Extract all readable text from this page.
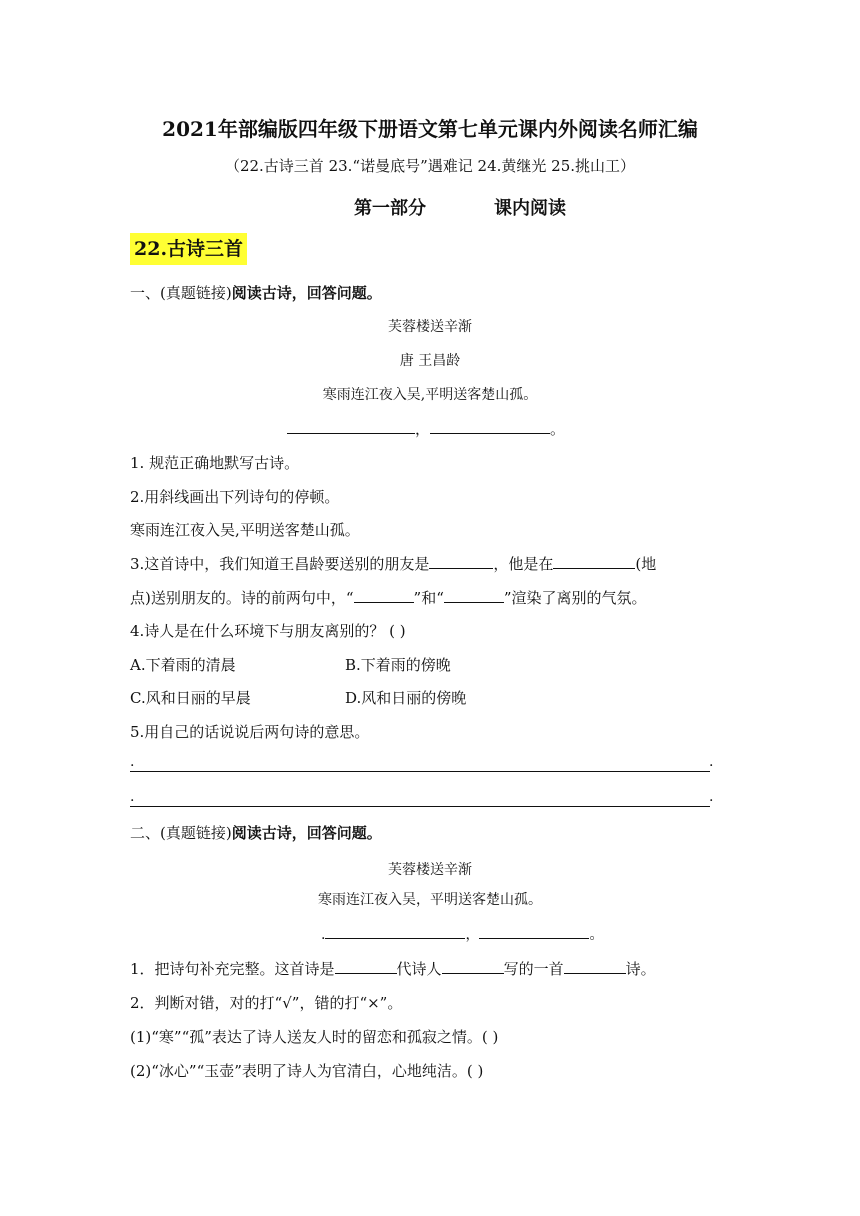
2021年部编版四年级下册语文第七单元课内外阅读名师汇编
（22.古诗三首 23.“诺曼底号”遇难记 24.黄继光 25.挑山工）
第一部分	课内阅读
22.古诗三首
一、(真题链接)阅读古诗，回答问题。
芙蓉楼送辛渐
唐 王昌龄
寒雨连江夜入吴,平明送客楚山孤。
，	。
1. 规范正确地默写古诗。
2.用斜线画出下列诗句的停顿。
寒雨连江夜入吴,平明送客楚山孤。
3.这首诗中，我们知道王昌龄要送别的朋友是	，他是在	(地
点)送别朋友的。诗的前两句中，“	”和“	”渲染了离别的气氛。
4.诗人是在什么环境下与朋友离别的？ ( )
A.下着雨的清晨	B.下着雨的傍晚
C.风和日丽的早晨	D.风和日丽的傍晚
5.用自己的话说说后两句诗的意思。
.	.
.	.
二、(真题链接)阅读古诗，回答问题。
芙蓉楼送辛渐
寒雨连江夜入吴，平明送客楚山孤。
.	，	。
1．把诗句补充完整。这首诗是	代诗人	写的一首	诗。
2．判断对错，对的打“√”，错的打“×”。
(1)“寒”“孤”表达了诗人送友人时的留恋和孤寂之情。( )
(2)“冰心”“玉壶”表明了诗人为官清白，心地纯洁。( )
